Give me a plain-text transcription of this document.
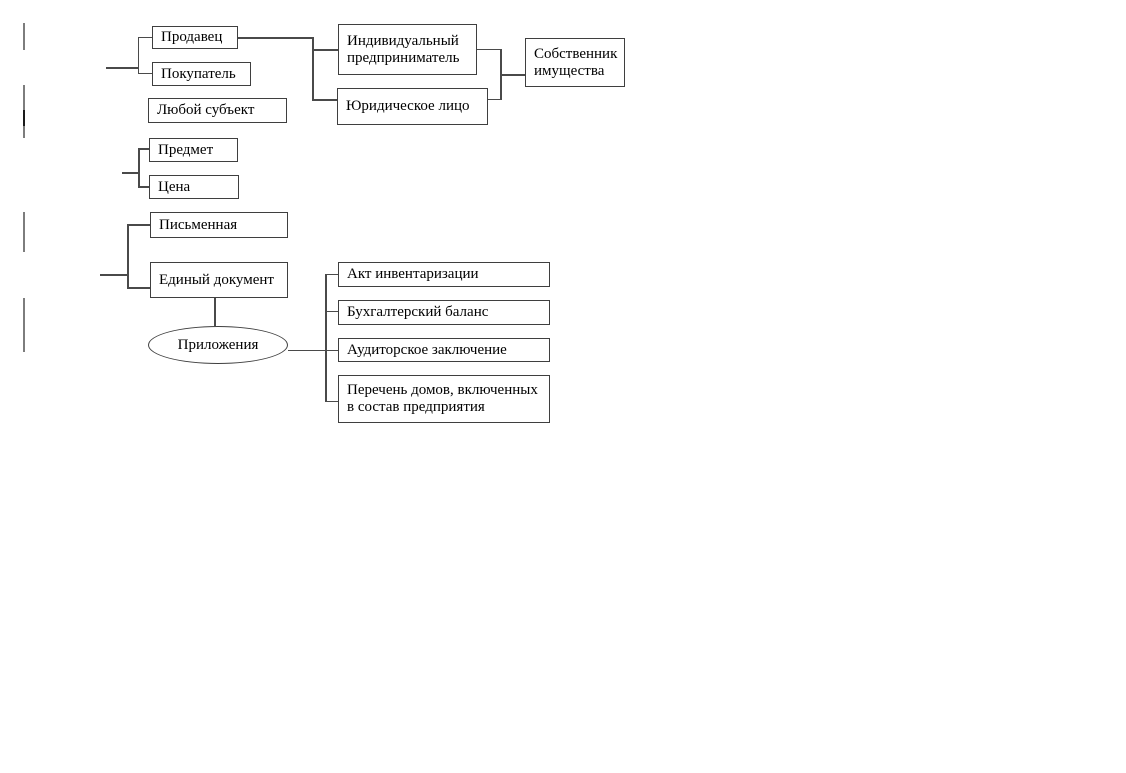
Продавец
Покупатель
Любой субъект
Предмет
Цена
Письменная
Единый документ
Индивидуальный предприниматель
Юридическое лицо
Собственник имущества
Приложения
Акт инвентаризации
Бухгалтерский баланс
Аудиторское заключение
Перечень домов, включенных в состав предприятия
